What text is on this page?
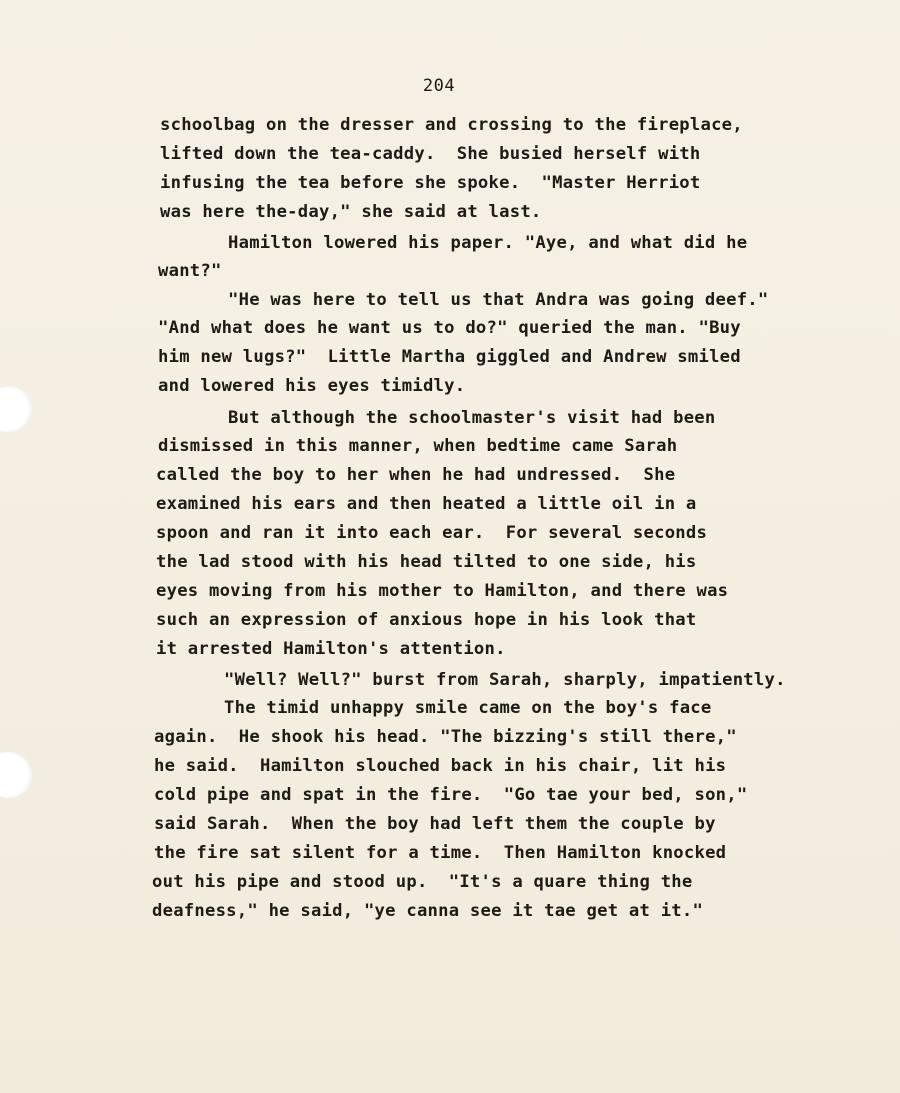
204
schoolbag on the dresser and crossing to the fireplace,
lifted down the tea-caddy.  She busied herself with
infusing the tea before she spoke.  "Master Herriot
was here the-day," she said at last.
Hamilton lowered his paper. "Aye, and what did he
want?"
"He was here to tell us that Andra was going deef."
"And what does he want us to do?" queried the man. "Buy
him new lugs?"  Little Martha giggled and Andrew smiled
and lowered his eyes timidly.
But although the schoolmaster's visit had been
dismissed in this manner, when bedtime came Sarah
called the boy to her when he had undressed.  She
examined his ears and then heated a little oil in a
spoon and ran it into each ear.  For several seconds
the lad stood with his head tilted to one side, his
eyes moving from his mother to Hamilton, and there was
such an expression of anxious hope in his look that
it arrested Hamilton's attention.
"Well? Well?" burst from Sarah, sharply, impatiently.
The timid unhappy smile came on the boy's face
again.  He shook his head. "The bizzing's still there,"
he said.  Hamilton slouched back in his chair, lit his
cold pipe and spat in the fire.  "Go tae your bed, son,"
said Sarah.  When the boy had left them the couple by
the fire sat silent for a time.  Then Hamilton knocked
out his pipe and stood up.  "It's a quare thing the
deafness," he said, "ye canna see it tae get at it."
